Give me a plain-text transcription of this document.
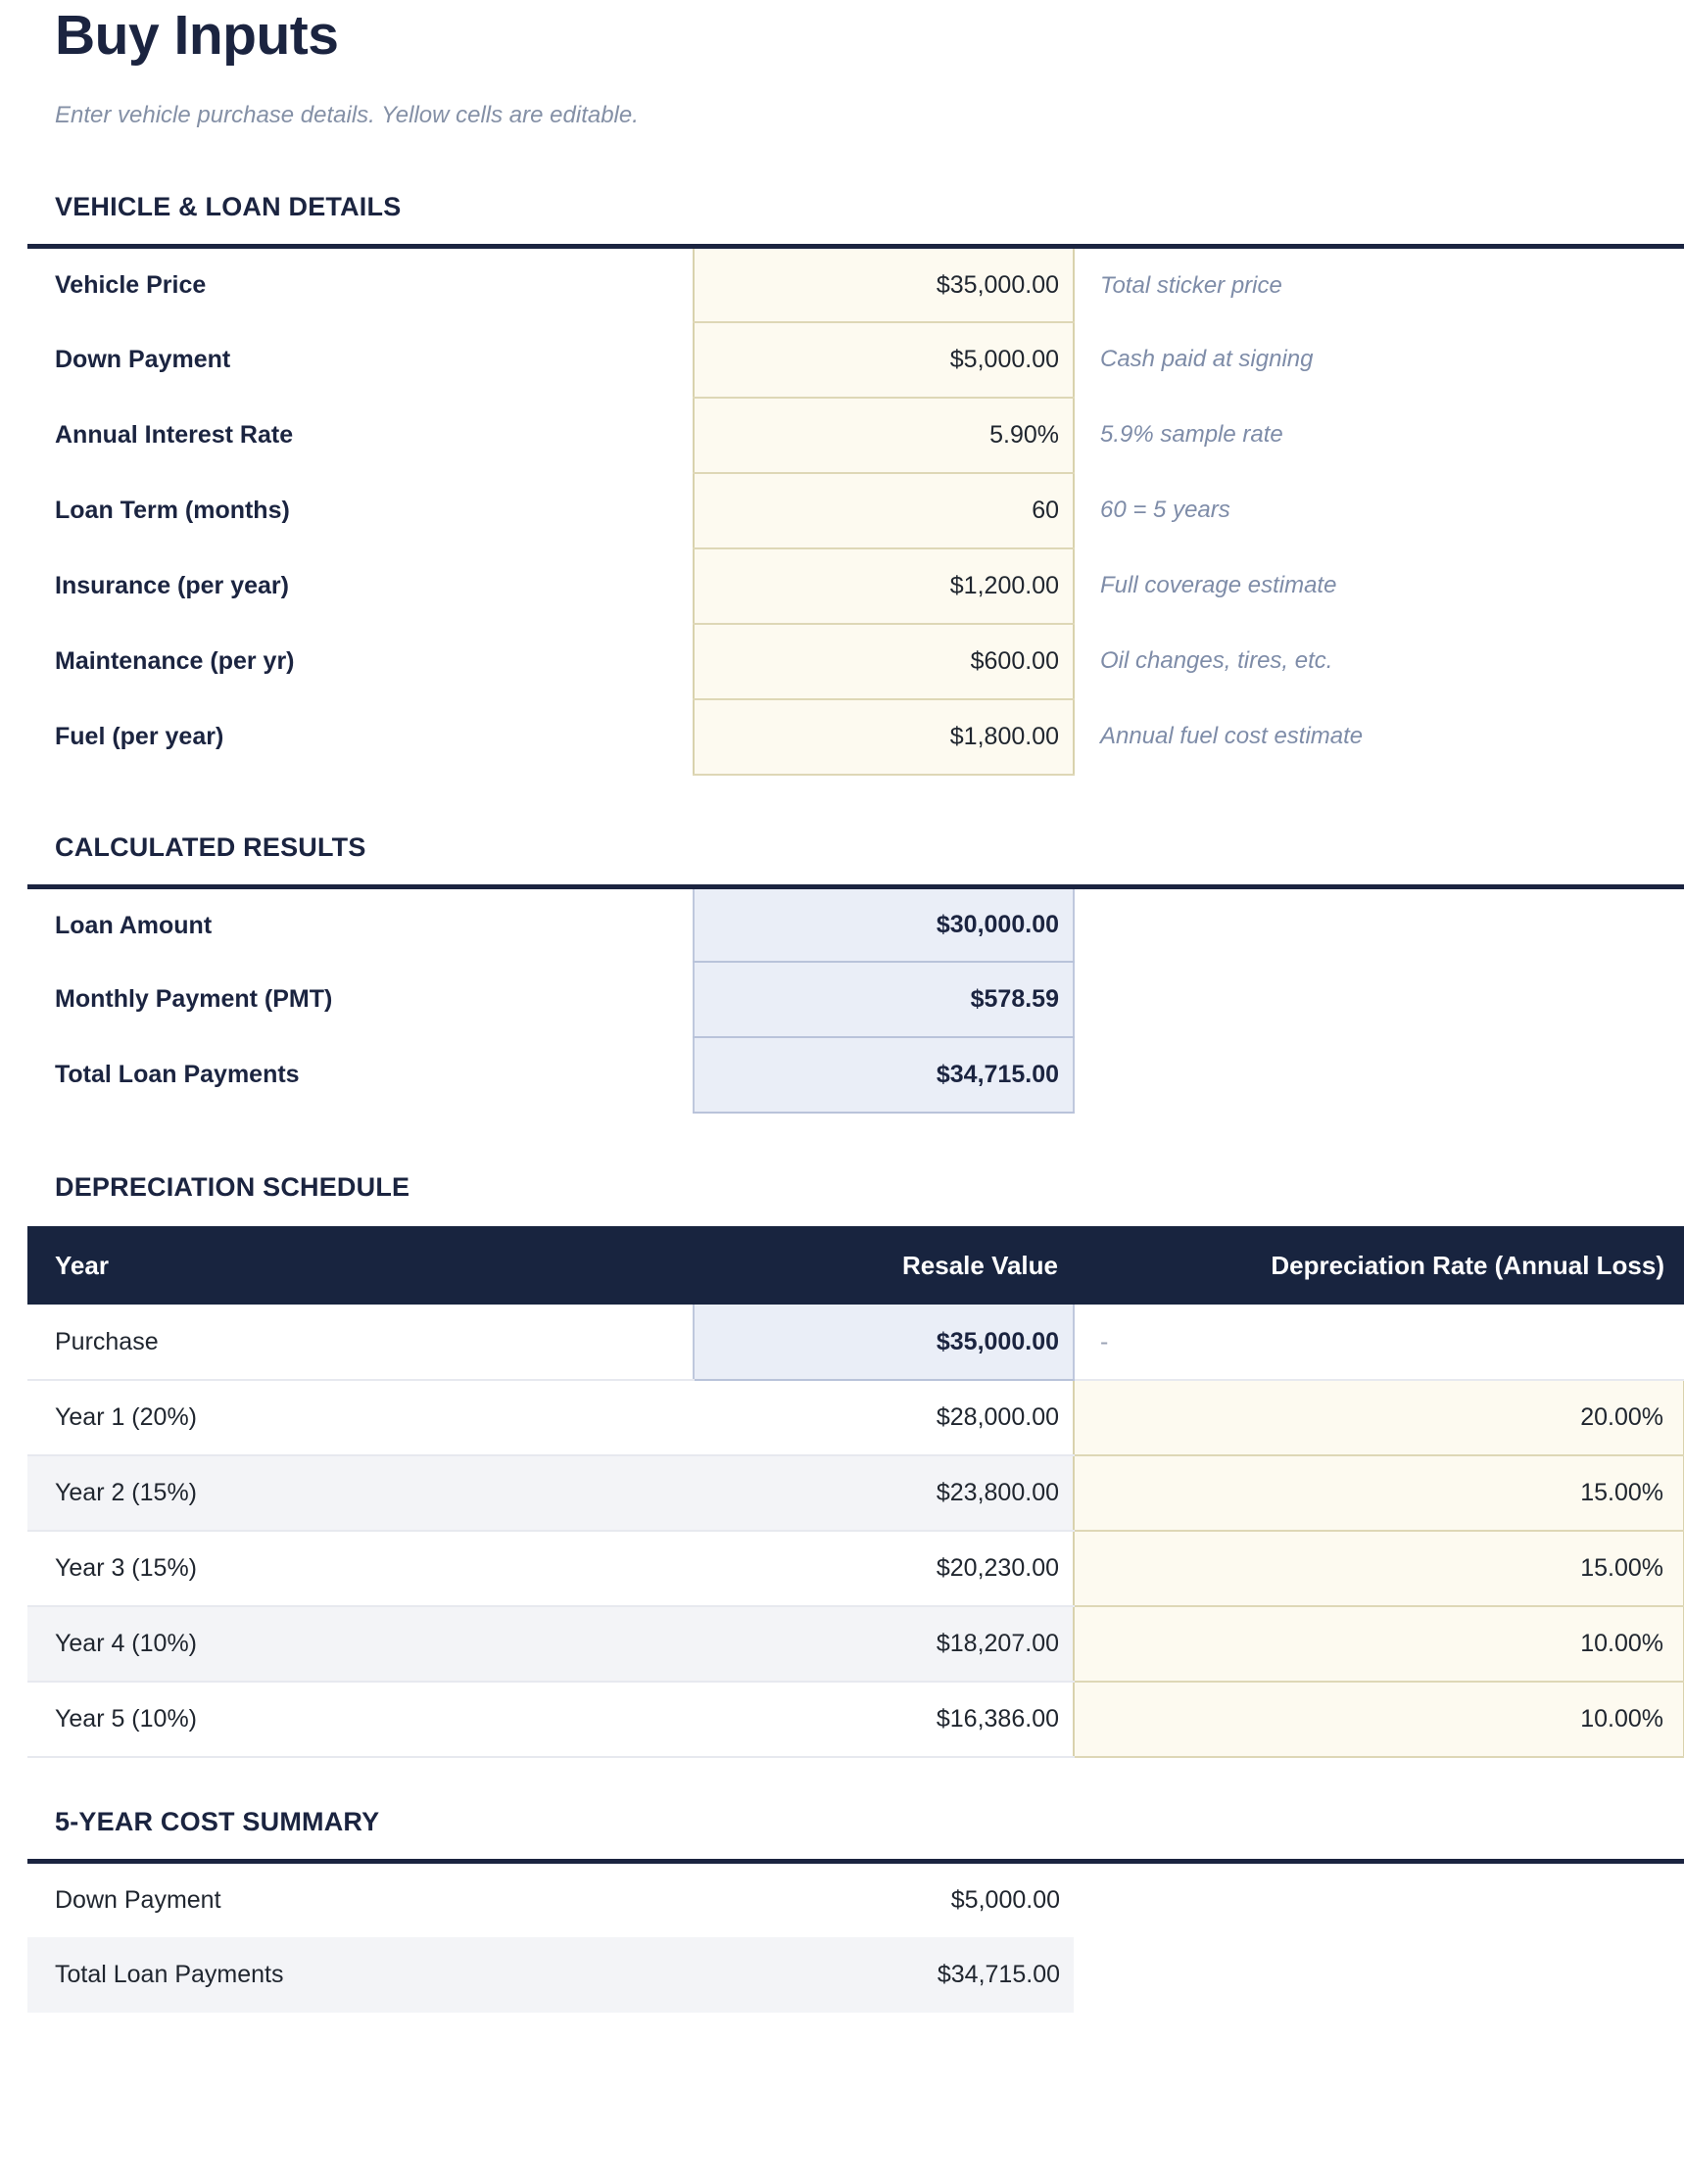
Buy Inputs
Enter vehicle purchase details. Yellow cells are editable.
VEHICLE & LOAN DETAILS
Vehicle Price	$35,000.00	Total sticker price
Down Payment	$5,000.00	Cash paid at signing
Annual Interest Rate	5.90%	5.9% sample rate
Loan Term (months)	60	60 = 5 years
Insurance (per year)	$1,200.00	Full coverage estimate
Maintenance (per yr)	$600.00	Oil changes, tires, etc.
Fuel (per year)	$1,800.00	Annual fuel cost estimate
CALCULATED RESULTS
Loan Amount	$30,000.00	
Monthly Payment (PMT)	$578.59	
Total Loan Payments	$34,715.00	
DEPRECIATION SCHEDULE
Year	Resale Value	Depreciation Rate (Annual Loss)
Purchase	$35,000.00	-
Year 1 (20%)	$28,000.00	20.00%
Year 2 (15%)	$23,800.00	15.00%
Year 3 (15%)	$20,230.00	15.00%
Year 4 (10%)	$18,207.00	10.00%
Year 5 (10%)	$16,386.00	10.00%
5-YEAR COST SUMMARY
Down Payment	$5,000.00	
Total Loan Payments	$34,715.00	
